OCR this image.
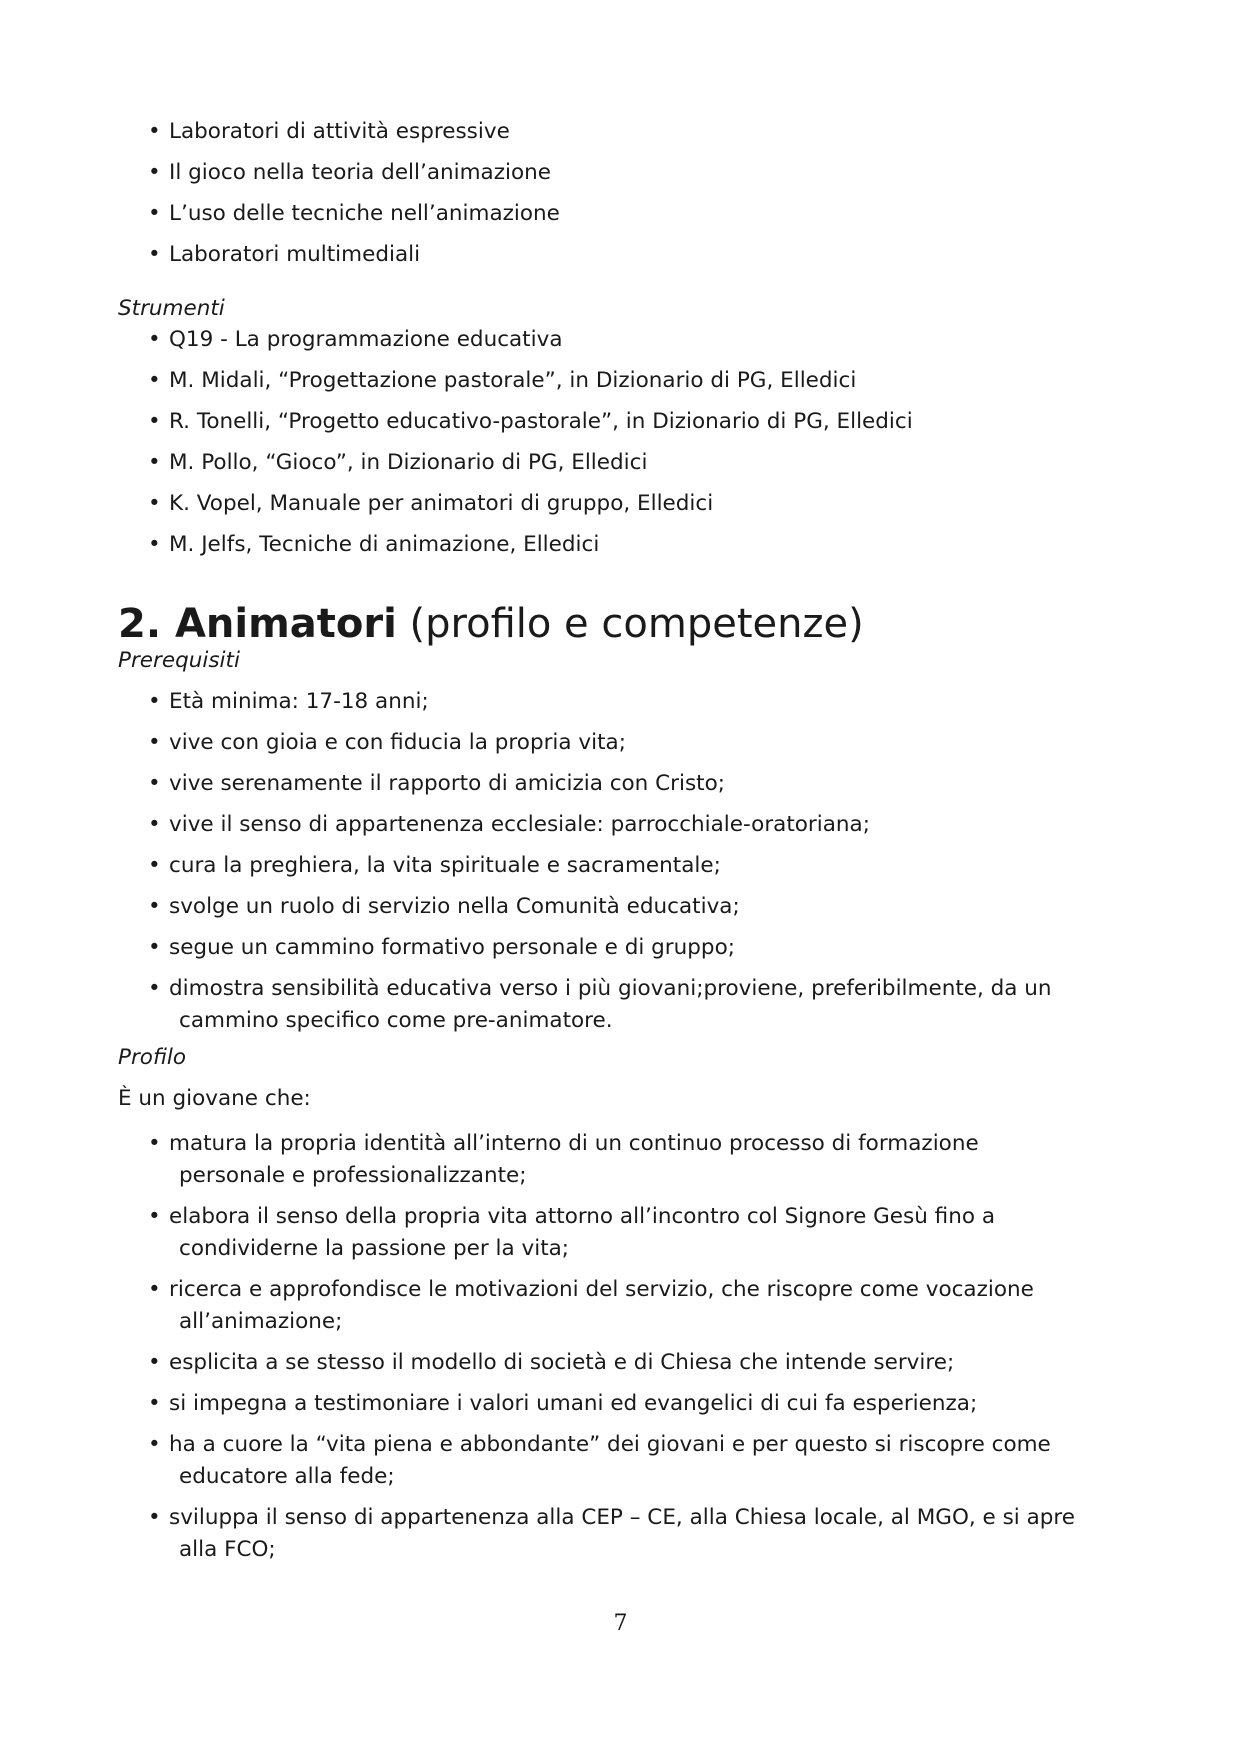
• Laboratori di attività espressive
• Il gioco nella teoria dell’animazione
• L’uso delle tecniche nell’animazione
• Laboratori multimediali
Strumenti
• Q19 - La programmazione educativa
• M. Midali, “Progettazione pastorale”, in Dizionario di PG, Elledici
• R. Tonelli, “Progetto educativo-pastorale”, in Dizionario di PG, Elledici
• M. Pollo, “Gioco”, in Dizionario di PG, Elledici
• K. Vopel, Manuale per animatori di gruppo, Elledici
• M. Jelfs, Tecniche di animazione, Elledici
2. Animatori (profilo e competenze)
Prerequisiti
• Età minima: 17-18 anni;
• vive con gioia e con fiducia la propria vita;
• vive serenamente il rapporto di amicizia con Cristo;
• vive il senso di appartenenza ecclesiale: parrocchiale-oratoriana;
• cura la preghiera, la vita spirituale e sacramentale;
• svolge un ruolo di servizio nella Comunità educativa;
• segue un cammino formativo personale e di gruppo;
• dimostra sensibilità educativa verso i più giovani;proviene, preferibilmente, da un
cammino specifico come pre-animatore.
Profilo
È un giovane che:
• matura la propria identità all’interno di un continuo processo di formazione
personale e professionalizzante;
• elabora il senso della propria vita attorno all’incontro col Signore Gesù fino a
condividerne la passione per la vita;
• ricerca e approfondisce le motivazioni del servizio, che riscopre come vocazione
all’animazione;
• esplicita a se stesso il modello di società e di Chiesa che intende servire;
• si impegna a testimoniare i valori umani ed evangelici di cui fa esperienza;
• ha a cuore la “vita piena e abbondante” dei giovani e per questo si riscopre come
educatore alla fede;
• sviluppa il senso di appartenenza alla CEP – CE, alla Chiesa locale, al MGO, e si apre
alla FCO;
7
